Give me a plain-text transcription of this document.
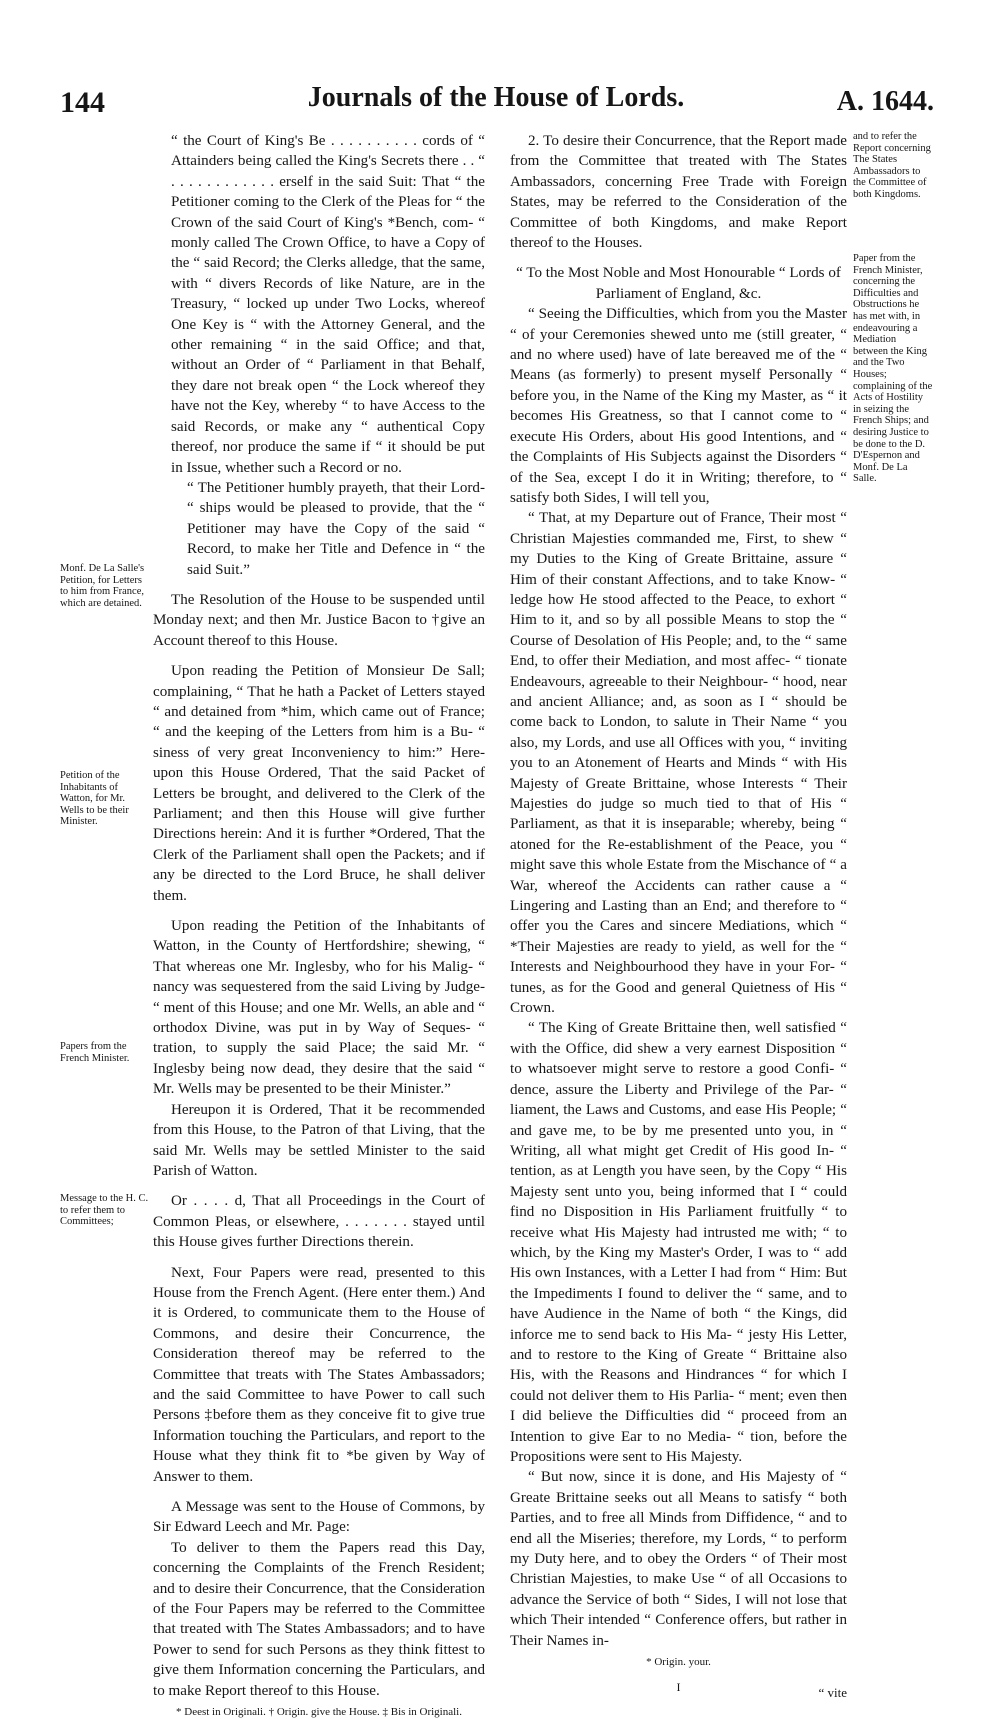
144	Journals of the House of Lords.	A. 1644.
Monf. De La Salle's Petition, for Letters to him from France, which are detained.
Petition of the Inhabitants of Watton, for Mr. Wells to be their Minister.
Papers from the French Minister.
Message to the H. C. to refer them to Committees;
and to refer the Report concerning The States Ambassadors to the Committee of both Kingdoms.
Paper from the French Minister, concerning the Difficulties and Obstructions he has met with, in endeavouring a Mediation between the King and the Two Houses; complaining of the Acts of Hostility in seizing the French Ships; and desiring Justice to be done to the D. D'Espernon and Monf. De La Salle.

“ the Court of King's Be . . . . . . . . . . cords of “ Attainders being called the King's Secrets there . . “ . . . . . . . . . . . . erself in the said Suit: That “ the Petitioner coming to the Clerk of the Pleas for “ the Crown of the said Court of King's *Bench, com- “ monly called The Crown Office, to have a Copy of the “ said Record; the Clerks alledge, that the same, with “ divers Records of like Nature, are in the Treasury, “ locked up under Two Locks, whereof One Key is “ with the Attorney General, and the other remaining “ in the said Office; and that, without an Order of “ Parliament in that Behalf, they dare not break open “ the Lock whereof they have not the Key, whereby “ to have Access to the said Records, or make any “ authentical Copy thereof, nor produce the same if “ it should be put in Issue, whether such a Record or no.

“ The Petitioner humbly prayeth, that their Lord- “ ships would be pleased to provide, that the “ Petitioner may have the Copy of the said “ Record, to make her Title and Defence in “ the said Suit.”

The Resolution of the House to be suspended until Monday next; and then Mr. Justice Bacon to †give an Account thereof to this House.

Upon reading the Petition of Monsieur De Sall; complaining, “ That he hath a Packet of Letters stayed “ and detained from *him, which came out of France; “ and the keeping of the Letters from him is a Bu- “ siness of very great Inconveniency to him:” Here- upon this House Ordered, That the said Packet of Letters be brought, and delivered to the Clerk of the Parliament; and then this House will give further Directions herein: And it is further *Ordered, That the Clerk of the Parliament shall open the Packets; and if any be directed to the Lord Bruce, he shall deliver them.

Upon reading the Petition of the Inhabitants of Watton, in the County of Hertfordshire; shewing, “ That whereas one Mr. Inglesby, who for his Malig- “ nancy was sequestered from the said Living by Judge- “ ment of this House; and one Mr. Wells, an able and “ orthodox Divine, was put in by Way of Seques- “ tration, to supply the said Place; the said Mr. “ Inglesby being now dead, they desire that the said “ Mr. Wells may be presented to be their Minister.”

Hereupon it is Ordered, That it be recommended from this House, to the Patron of that Living, that the said Mr. Wells may be settled Minister to the said Parish of Watton.

Or . . . . d, That all Proceedings in the Court of Common Pleas, or elsewhere, . . . . . . . stayed until this House gives further Directions therein.

Next, Four Papers were read, presented to this House from the French Agent. (Here enter them.) And it is Ordered, to communicate them to the House of Commons, and desire their Concurrence, the Consideration thereof may be referred to the Committee that treats with The States Ambassadors; and the said Committee to have Power to call such Persons ‡before them as they conceive fit to give true Information touching the Particulars, and report to the House what they think fit to *be given by Way of Answer to them.

A Message was sent to the House of Commons, by Sir Edward Leech and Mr. Page:

To deliver to them the Papers read this Day, concerning the Complaints of the French Resident; and to desire their Concurrence, that the Consideration of the Four Papers may be referred to the Committee that treated with The States Ambassadors; and to have Power to send for such Persons as they think fittest to give them Information concerning the Particulars, and to make Report thereof to this House.

* Deest in Originali. † Origin. give the House. ‡ Bis in Originali.

2. To desire their Concurrence, that the Report made from the Committee that treated with The States Ambassadors, concerning Free Trade with Foreign States, may be referred to the Consideration of the Committee of both Kingdoms, and make Report thereof to the Houses.

“ To the Most Noble and Most Honourable “ Lords of Parliament of England, &c.

“ Seeing the Difficulties, which from you the Master “ of your Ceremonies shewed unto me (still greater, “ and no where used) have of late bereaved me of the “ Means (as formerly) to present myself Personally “ before you, in the Name of the King my Master, as “ it becomes His Greatness, so that I cannot come to “ execute His Orders, about His good Intentions, and “ the Complaints of His Subjects against the Disorders “ of the Sea, except I do it in Writing; therefore, to “ satisfy both Sides, I will tell you,

“ That, at my Departure out of France, Their most “ Christian Majesties commanded me, First, to shew “ my Duties to the King of Greate Brittaine, assure “ Him of their constant Affections, and to take Know- “ ledge how He stood affected to the Peace, to exhort “ Him to it, and so by all possible Means to stop the “ Course of Desolation of His People; and, to the “ same End, to offer their Mediation, and most affec- “ tionate Endeavours, agreeable to their Neighbour- “ hood, near and ancient Alliance; and, as soon as I “ should be come back to London, to salute in Their Name “ you also, my Lords, and use all Offices with you, “ inviting you to an Atonement of Hearts and Minds “ with His Majesty of Greate Brittaine, whose Interests “ Their Majesties do judge so much tied to that of His “ Parliament, as that it is inseparable; whereby, being “ atoned for the Re-establishment of the Peace, you “ might save this whole Estate from the Mischance of “ a War, whereof the Accidents can rather cause a “ Lingering and Lasting than an End; and therefore to “ offer you the Cares and sincere Mediations, which “ *Their Majesties are ready to yield, as well for the “ Interests and Neighbourhood they have in your For- “ tunes, as for the Good and general Quietness of His “ Crown.

“ The King of Greate Brittaine then, well satisfied “ with the Office, did shew a very earnest Disposition “ to whatsoever might serve to restore a good Confi- “ dence, assure the Liberty and Privilege of the Par- “ liament, the Laws and Customs, and ease His People; “ and gave me, to be by me presented unto you, in “ Writing, all what might get Credit of His good In- “ tention, as at Length you have seen, by the Copy “ His Majesty sent unto you, being informed that I “ could find no Disposition in His Parliament fruitfully “ to receive what His Majesty had intrusted me with; “ to which, by the King my Master's Order, I was to “ add His own Instances, with a Letter I had from “ Him: But the Impediments I found to deliver the “ same, and to have Audience in the Name of both “ the Kings, did inforce me to send back to His Ma- “ jesty His Letter, and to restore to the King of Greate “ Brittaine also His, with the Reasons and Hindrances “ for which I could not deliver them to His Parlia- “ ment; even then I did believe the Difficulties did “ proceed from an Intention to give Ear to no Media- “ tion, before the Propositions were sent to His Majesty.

“ But now, since it is done, and His Majesty of “ Greate Brittaine seeks out all Means to satisfy “ both Parties, and to free all Minds from Diffidence, “ and to end all the Miseries; therefore, my Lords, “ to perform my Duty here, and to obey the Orders “ of Their most Christian Majesties, to make Use “ of all Occasions to advance the Service of both “ Sides, I will not lose that which Their intended “ Conference offers, but rather in Their Names in-

* Origin. your.

I	“ vite
